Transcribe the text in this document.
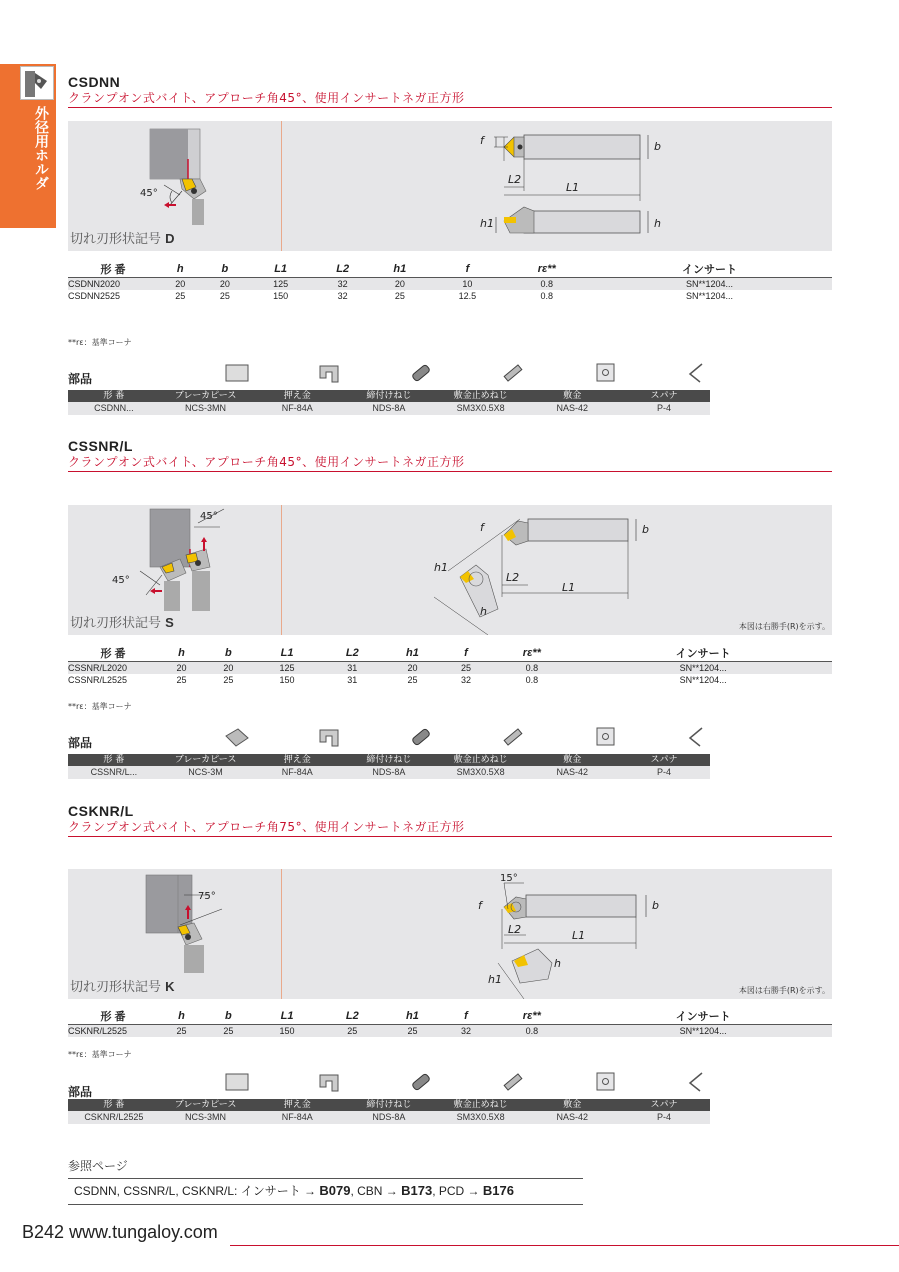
外径用ホルダ
CSDNN
クランプオン式バイト、アプローチ角45°、使用インサートネガ正方形
45°
f	b
L2
L1
h1	h
切れ刃形状記号 D
形 番	h	b	L1	L2	h1	f	rε**	インサート
CSDNN2020	20	20	125	32	20	10	0.8	SN**1204...
CSDNN2525	25	25	150	32	25	12.5	0.8	SN**1204...
**rε：基準コーナ
部品
形 番	ブレーカピース	押え金	締付けねじ	敷金止めねじ	敷金	スパナ
CSDNN...	NCS-3MN	NF-84A	NDS-8A	SM3X0.5X8	NAS-42	P-4
CSSNR/L
クランプオン式バイト、アプローチ角45°、使用インサートネガ正方形
45°
45°
f	b
h1
L2
L1
h
切れ刃形状記号 S	本図は右勝手(R)を示す。
形 番	h	b	L1	L2	h1	f	rε**	インサート
CSSNR/L2020	20	20	125	31	20	25	0.8	SN**1204...
CSSNR/L2525	25	25	150	31	25	32	0.8	SN**1204...
**rε：基準コーナ
部品
形 番	ブレーカピース	押え金	締付けねじ	敷金止めねじ	敷金	スパナ
CSSNR/L...	NCS-3M	NF-84A	NDS-8A	SM3X0.5X8	NAS-42	P-4
CSKNR/L
クランプオン式バイト、アプローチ角75°、使用インサートネガ正方形
75°
15°
f	b
L2	L1
h1
h
切れ刃形状記号 K	本図は右勝手(R)を示す。
形 番	h	b	L1	L2	h1	f	rε**	インサート
CSKNR/L2525	25	25	150	25	25	32	0.8	SN**1204...
**rε：基準コーナ
部品
形 番	ブレーカピース	押え金	締付けねじ	敷金止めねじ	敷金	スパナ
CSKNR/L2525	NCS-3MN	NF-84A	NDS-8A	SM3X0.5X8	NAS-42	P-4
参照ページ
CSDNN, CSSNR/L, CSKNR/L: インサート → B079, CBN → B173, PCD → B176
B242 www.tungaloy.com
